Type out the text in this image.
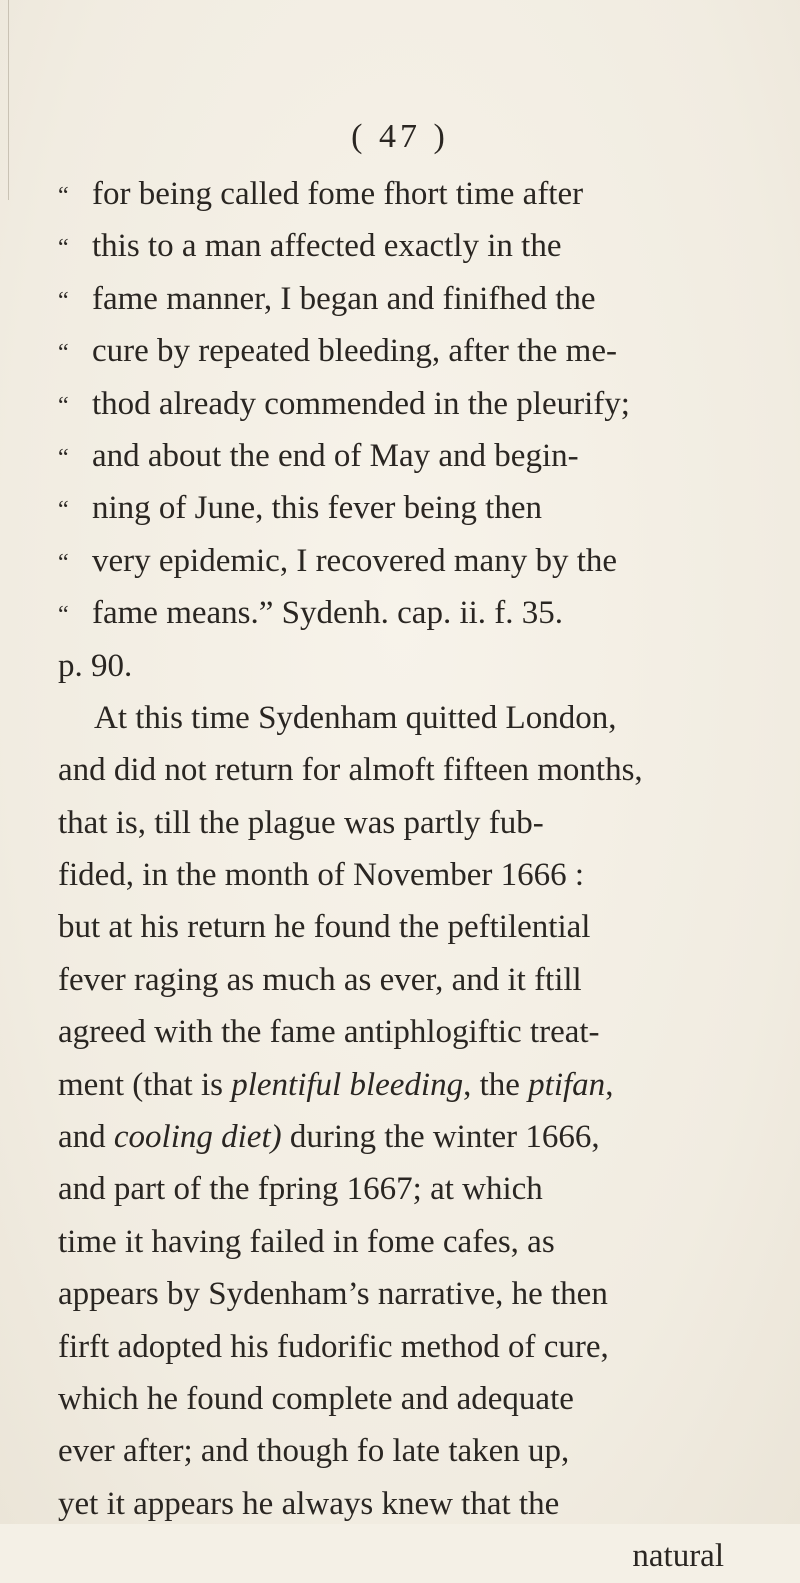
( 47 )
“ for being called fome fhort time after
“ this to a man affected exactly in the
“ fame manner, I began and finifhed the
“ cure by repeated bleeding, after the me-
“ thod already commended in the pleurify;
“ and about the end of May and begin-
“ ning of June, this fever being then
“ very epidemic, I recovered many by the
“ fame means.” Sydenh. cap. ii. f. 35.
p. 90.
At this time Sydenham quitted London,
and did not return for almoft fifteen months,
that is, till the plague was partly fub-
fided, in the month of November 1666 :
but at his return he found the peftilential
fever raging as much as ever, and it ftill
agreed with the fame antiphlogiftic treat-
ment (that is plentiful bleeding , the ptifan ,
and cooling diet) during the winter 1666,
and part of the fpring 1667; at which
time it having failed in fome cafes, as
appears by Sydenham’s narrative, he then
firft adopted his fudorific method of cure,
which he found complete and adequate
ever after; and though fo late taken up,
yet it appears he always knew that the
natural
